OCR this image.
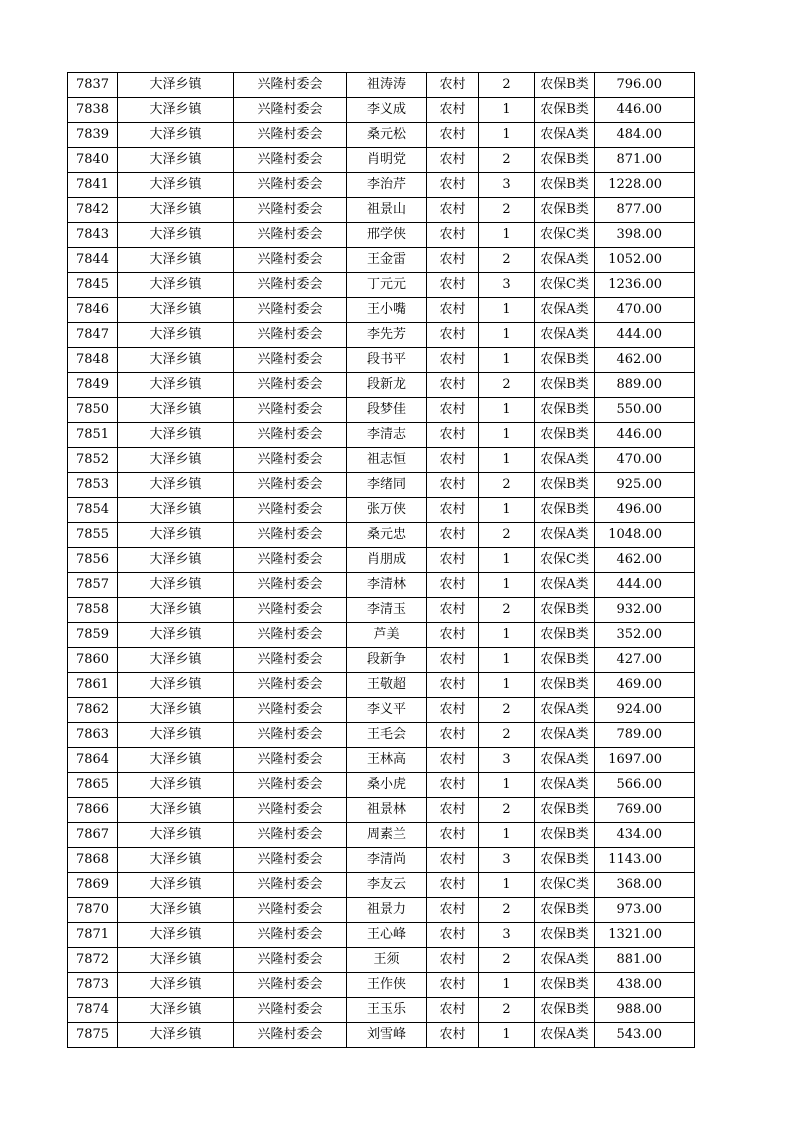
7837	大泽乡镇	兴隆村委会	祖涛涛	农村	2	农保B类	796.00
7838	大泽乡镇	兴隆村委会	李义成	农村	1	农保B类	446.00
7839	大泽乡镇	兴隆村委会	桑元松	农村	1	农保A类	484.00
7840	大泽乡镇	兴隆村委会	肖明党	农村	2	农保B类	871.00
7841	大泽乡镇	兴隆村委会	李治芹	农村	3	农保B类	1228.00
7842	大泽乡镇	兴隆村委会	祖景山	农村	2	农保B类	877.00
7843	大泽乡镇	兴隆村委会	邢学侠	农村	1	农保C类	398.00
7844	大泽乡镇	兴隆村委会	王金雷	农村	2	农保A类	1052.00
7845	大泽乡镇	兴隆村委会	丁元元	农村	3	农保C类	1236.00
7846	大泽乡镇	兴隆村委会	王小嘴	农村	1	农保A类	470.00
7847	大泽乡镇	兴隆村委会	李先芳	农村	1	农保A类	444.00
7848	大泽乡镇	兴隆村委会	段书平	农村	1	农保B类	462.00
7849	大泽乡镇	兴隆村委会	段新龙	农村	2	农保B类	889.00
7850	大泽乡镇	兴隆村委会	段梦佳	农村	1	农保B类	550.00
7851	大泽乡镇	兴隆村委会	李清志	农村	1	农保B类	446.00
7852	大泽乡镇	兴隆村委会	祖志恒	农村	1	农保A类	470.00
7853	大泽乡镇	兴隆村委会	李绪同	农村	2	农保B类	925.00
7854	大泽乡镇	兴隆村委会	张万侠	农村	1	农保B类	496.00
7855	大泽乡镇	兴隆村委会	桑元忠	农村	2	农保A类	1048.00
7856	大泽乡镇	兴隆村委会	肖朋成	农村	1	农保C类	462.00
7857	大泽乡镇	兴隆村委会	李清林	农村	1	农保A类	444.00
7858	大泽乡镇	兴隆村委会	李清玉	农村	2	农保B类	932.00
7859	大泽乡镇	兴隆村委会	芦美	农村	1	农保B类	352.00
7860	大泽乡镇	兴隆村委会	段新争	农村	1	农保B类	427.00
7861	大泽乡镇	兴隆村委会	王敬超	农村	1	农保B类	469.00
7862	大泽乡镇	兴隆村委会	李义平	农村	2	农保A类	924.00
7863	大泽乡镇	兴隆村委会	王毛会	农村	2	农保A类	789.00
7864	大泽乡镇	兴隆村委会	王林高	农村	3	农保A类	1697.00
7865	大泽乡镇	兴隆村委会	桑小虎	农村	1	农保A类	566.00
7866	大泽乡镇	兴隆村委会	祖景林	农村	2	农保B类	769.00
7867	大泽乡镇	兴隆村委会	周素兰	农村	1	农保B类	434.00
7868	大泽乡镇	兴隆村委会	李清尚	农村	3	农保B类	1143.00
7869	大泽乡镇	兴隆村委会	李友云	农村	1	农保C类	368.00
7870	大泽乡镇	兴隆村委会	祖景力	农村	2	农保B类	973.00
7871	大泽乡镇	兴隆村委会	王心峰	农村	3	农保B类	1321.00
7872	大泽乡镇	兴隆村委会	王须	农村	2	农保A类	881.00
7873	大泽乡镇	兴隆村委会	王作侠	农村	1	农保B类	438.00
7874	大泽乡镇	兴隆村委会	王玉乐	农村	2	农保B类	988.00
7875	大泽乡镇	兴隆村委会	刘雪峰	农村	1	农保A类	543.00
